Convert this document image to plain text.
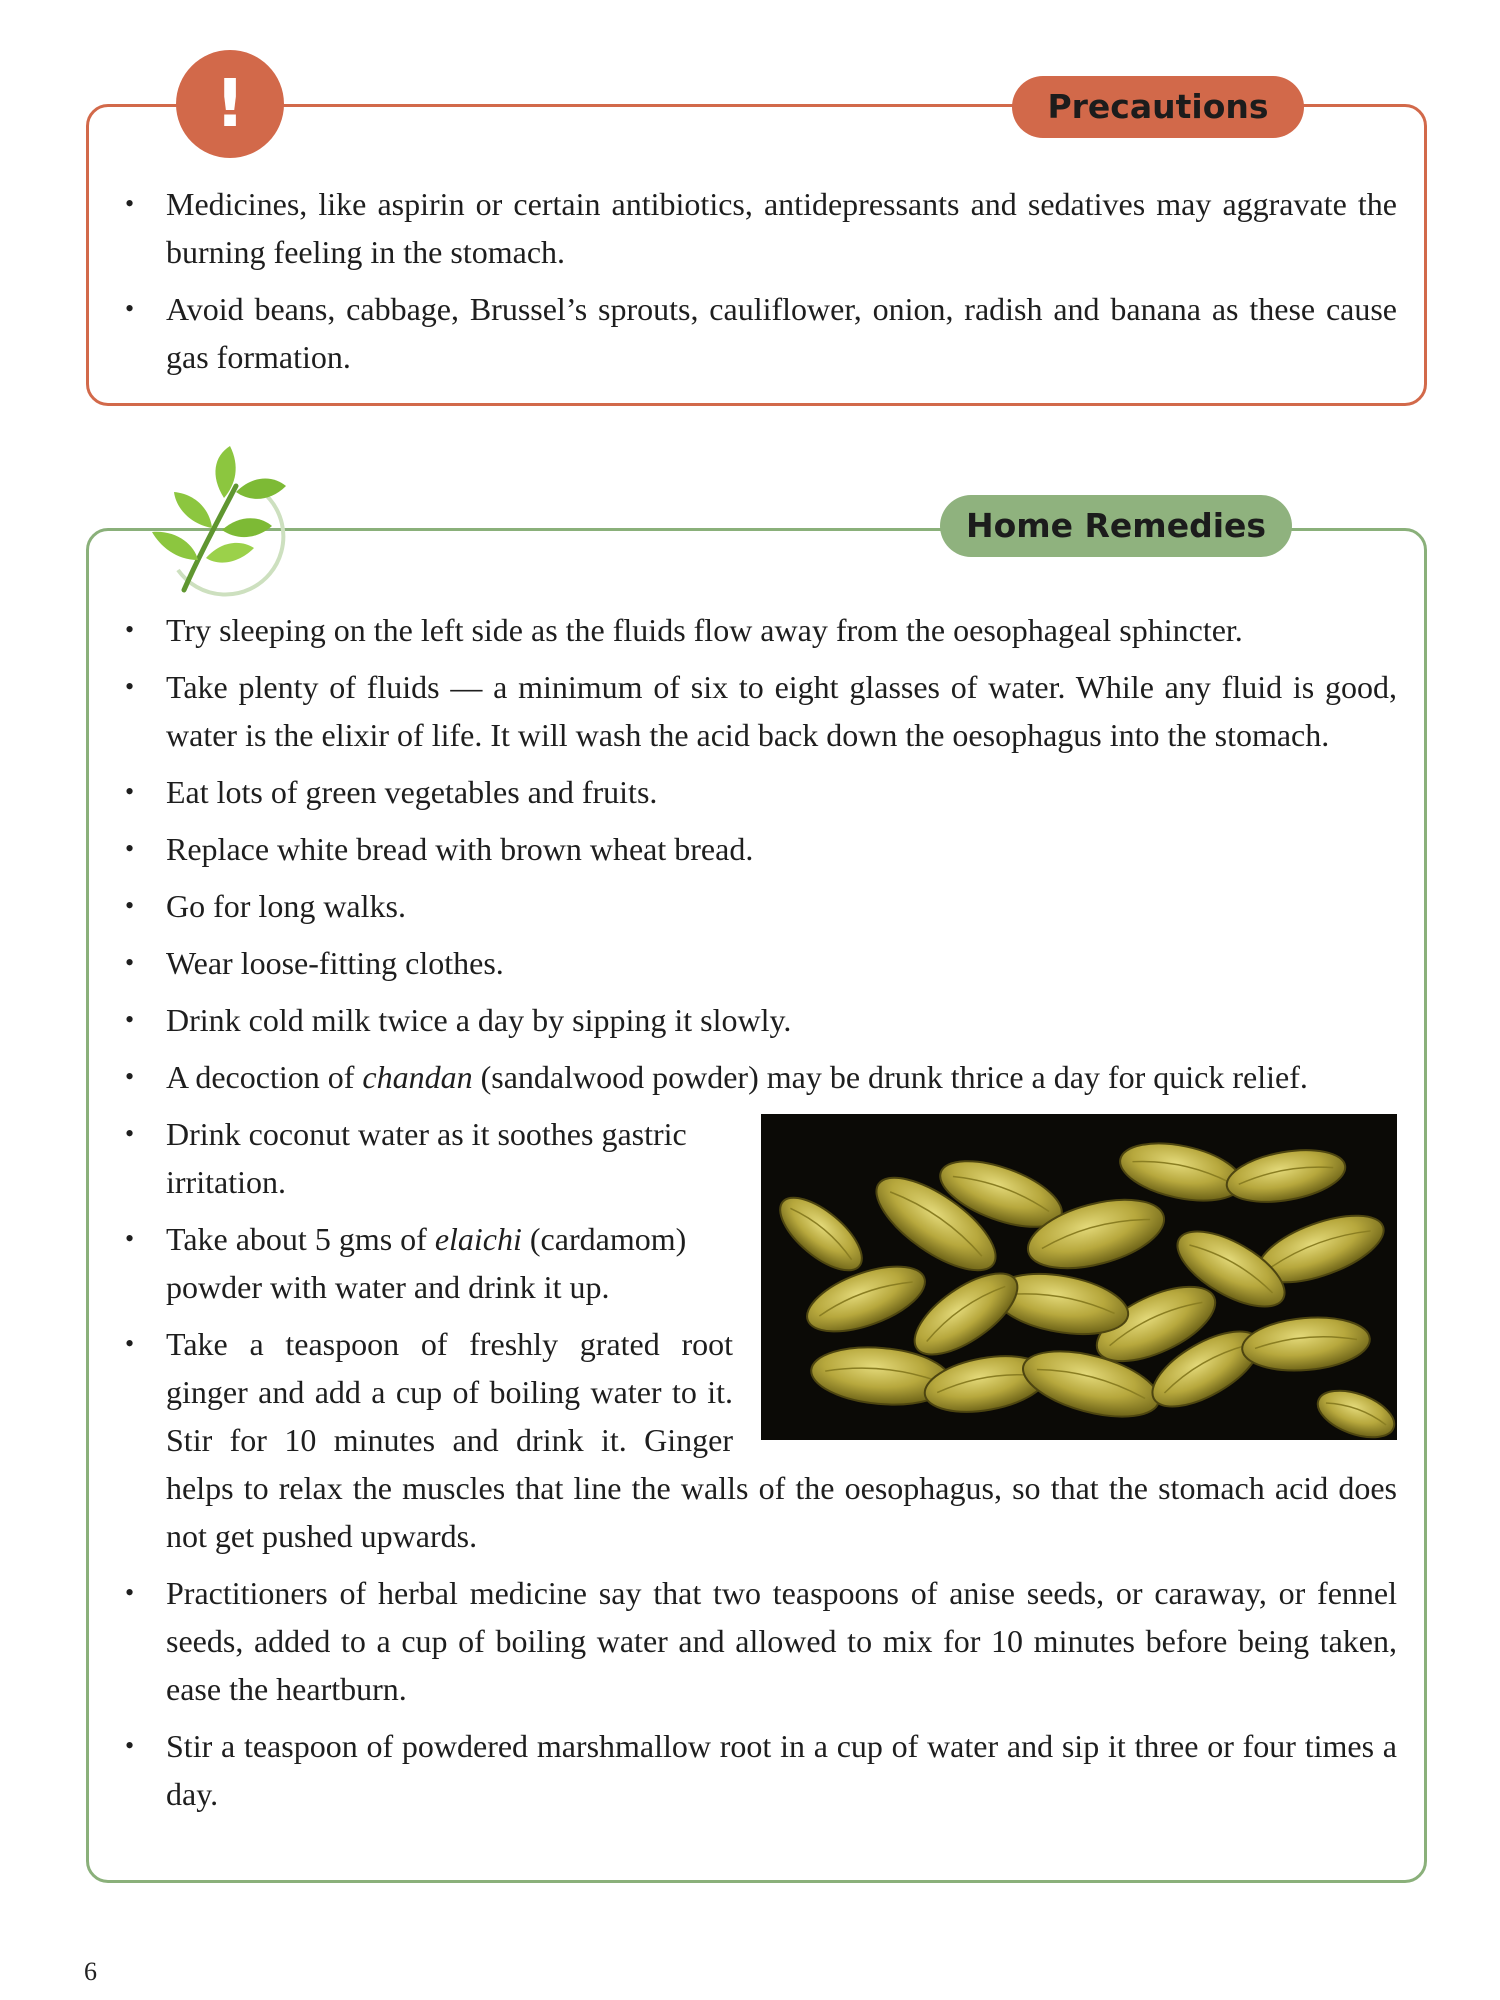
!	Precautions
• Medicines, like aspirin or certain antibiotics, antidepressants and sedatives may aggravate the burning feeling in the stomach.
• Avoid beans, cabbage, Brussel’s sprouts, cauliflower, onion, radish and banana as these cause gas formation.
Home Remedies
• Try sleeping on the left side as the fluids flow away from the oesophageal sphincter.
• Take plenty of fluids — a minimum of six to eight glasses of water. While any fluid is good, water is the elixir of life. It will wash the acid back down the oesophagus into the stomach.
• Eat lots of green vegetables and fruits.
• Replace white bread with brown wheat bread.
• Go for long walks.
• Wear loose-fitting clothes.
• Drink cold milk twice a day by sipping it slowly.
• A decoction of chandan (sandalwood powder) may be drunk thrice a day for quick relief.
• Drink coconut water as it soothes gastric irritation.
• Take about 5 gms of elaichi (cardamom) powder with water and drink it up.
• Take a teaspoon of freshly grated root ginger and add a cup of boiling water to it. Stir for 10 minutes and drink it. Ginger helps to relax the muscles that line the walls of the oesophagus, so that the stomach acid does not get pushed upwards.
• Practitioners of herbal medicine say that two teaspoons of anise seeds, or caraway, or fennel seeds, added to a cup of boiling water and allowed to mix for 10 minutes before being taken, ease the heartburn.
• Stir a teaspoon of powdered marshmallow root in a cup of water and sip it three or four times a day.
6
